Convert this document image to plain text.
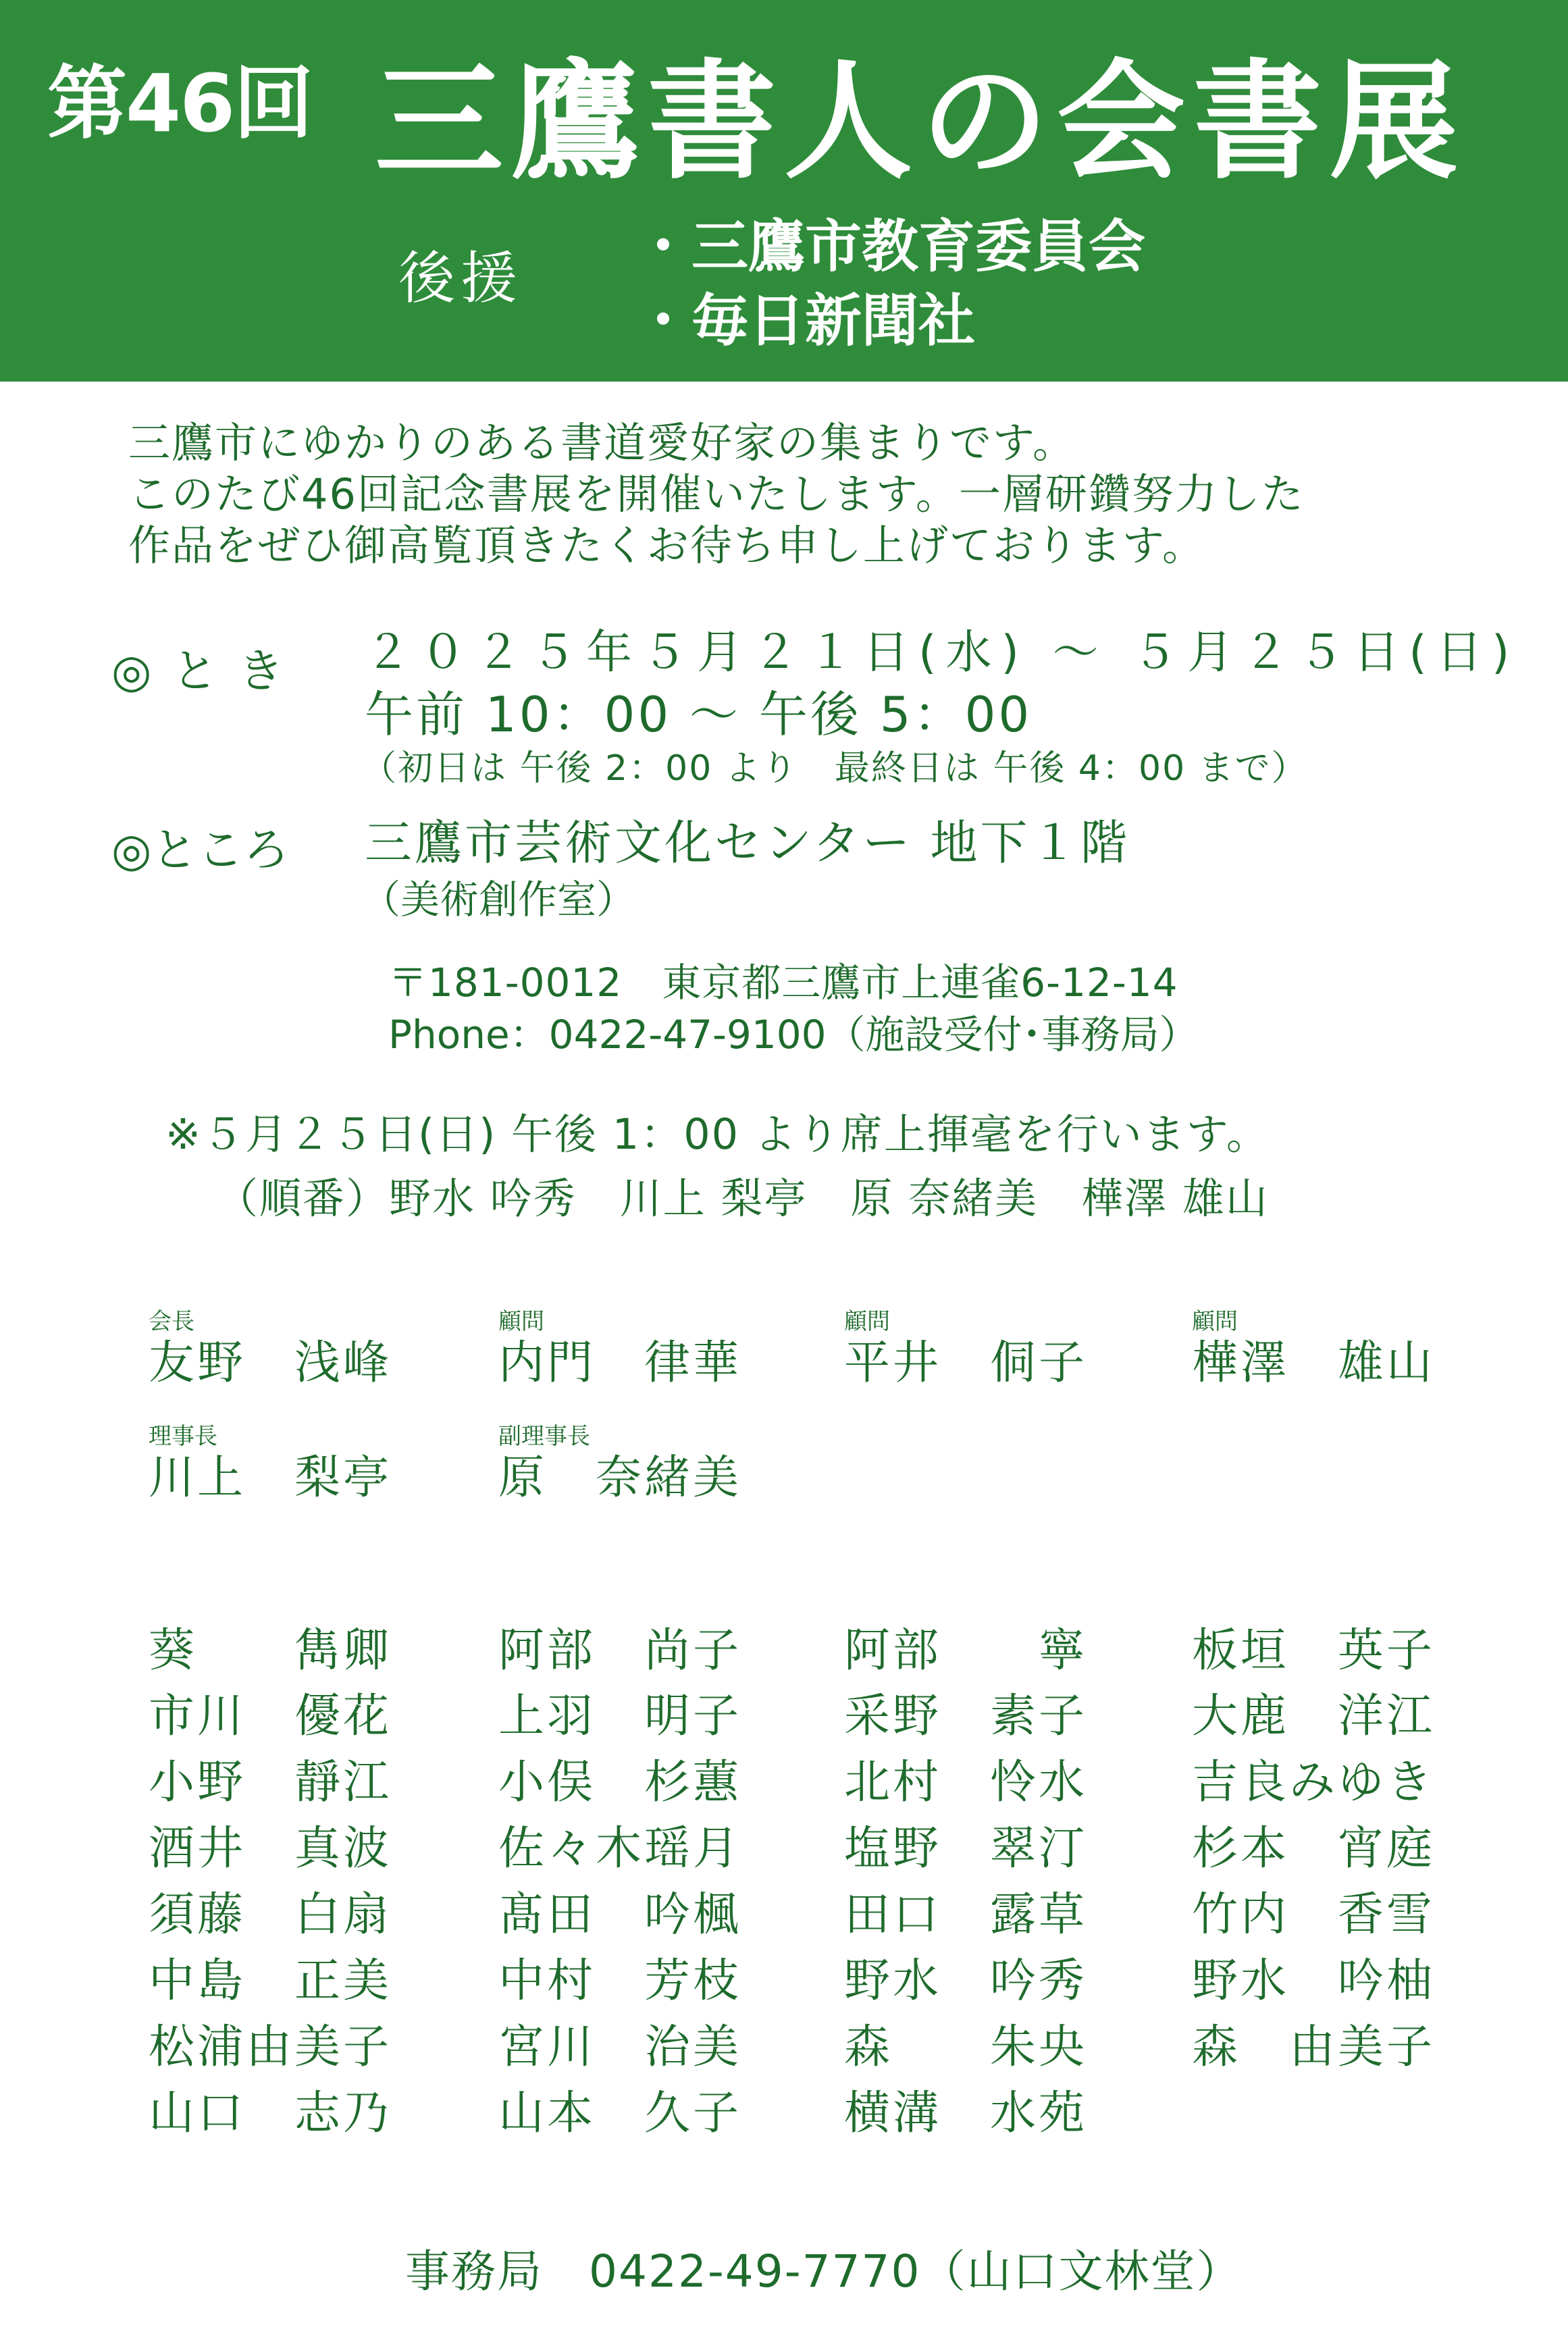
第46回 三鷹書人の会書展
後援
・	三鷹市教育委員会
・ 毎日新聞社
三鷹市にゆかりのある書道愛好家の集まりです。
このたび46回記念書展を開催いたします。一層研鑽努力した
作品をぜひ御高覧頂きたくお待ち申し上げております。
◎とき ２０２５年５月２１日(水) 〜 ５月２５日(日)
午前 10：00 〜 午後 5：00
（初日は 午後 2：00 より　最終日は 午後 4：00 まで）
◎ところ 三鷹市芸術文化センター 地下１階
（美術創作室）
〒181-0012　東京都三鷹市上連雀6-12-14
Phone：0422-47-9100（施設受付･事務局）
※５月２５日(日) 午後 1：00 より席上揮毫を行います。
（順番）野水 吟秀　川上 梨亭　原 奈緒美　樺澤 雄山
会長
友野　浅峰
顧問
内門　律華
顧問
平井　侗子
顧問
樺澤　雄山
理事長
川上　梨亭
副理事長
原　奈緒美
葵　　雋卿 阿部　尚子 阿部　　寧 板垣　英子
市川　優花 上羽　明子 采野　素子 大鹿　洋江
小野　靜江 小俣　杉蕙 北村　怜水 吉良みゆき
酒井　真波 佐々木瑶月 塩野　翠汀 杉本　宵庭
須藤　白扇 髙田　吟楓 田口　露草 竹内　香雪
中島　正美 中村　芳枝 野水　吟秀 野水　吟柚
松浦由美子 宮川　治美 森　　朱央 森　由美子
山口　志乃 山本　久子 横溝　水苑
事務局　0422-49-7770（山口文林堂）
